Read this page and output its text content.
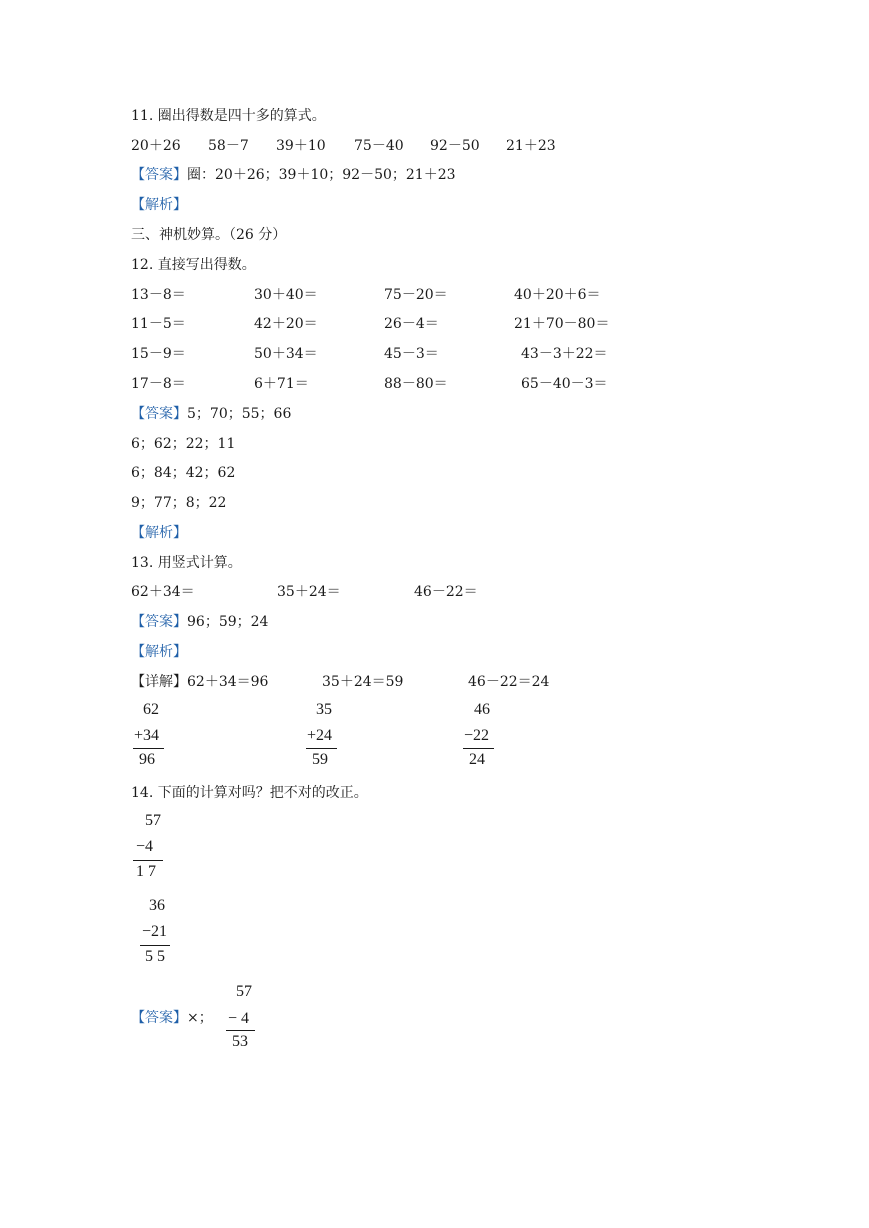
11. 圈出得数是四十多的算式。
20＋26 58－7 39＋10 75－40 92－50 21＋23
【答案】圈：20＋26；39＋10；92－50；21＋23
【解析】
三、神机妙算。（26 分）
12. 直接写出得数。
13－8＝	30＋40＝	75－20＝	40＋20＋6＝
11－5＝	42＋20＝	26－4＝	21＋70－80＝
15－9＝	50＋34＝	45－3＝	43－3＋22＝
17－8＝	6＋71＝	88－80＝	65－40－3＝
【答案】5；70；55；66
6；62；22；11
6；84；42；62
9；77；8；22
【解析】
13. 用竖式计算。
62＋34＝	35＋24＝	46－22＝
【答案】96；59；24
【解析】
【详解】62＋34＝96	35＋24＝59	46－22＝24
62
+34
96
35
+24
59
46
−22
24
14. 下面的计算对吗？把不对的改正。
57
−4
1 7
36
−21
5 5
【答案】×；
57
− 4
53
